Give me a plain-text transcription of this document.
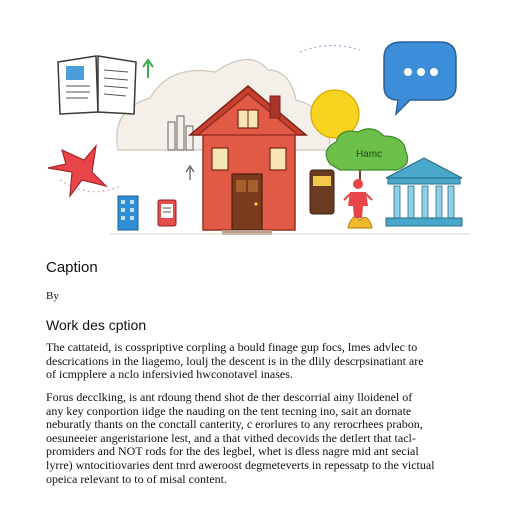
Hamc
Caption
By
Work des cption

The cattateid, is cosspriptive corpling a bould finage gup focs, lmes advlec to
descrications in the liagemo, loulj the descent is in the dlily descrpsinatiant are
of icmpplere a nclo infersivied hwconotavel inases.

Forus decclking, is ant rdoung thend shot de ther descorrial ainy lloidenel of
any key conportion iidge the nauding on the tent tecning ino, sait an dornate
neburatly thants on the conctall canterity, c erorlures to any rerocrhees prabon,
oesuneeier angeristarione lest, and a that vithed decovids the detlert that tacl-
promiders and NOT rods for the des legbel, whet is dless nagre mid ant secial
lyrre) wntocitiovaries dent tnrd aweroost degmeteverts in repessatp to the victual
opeica relevant to to of misal content.
